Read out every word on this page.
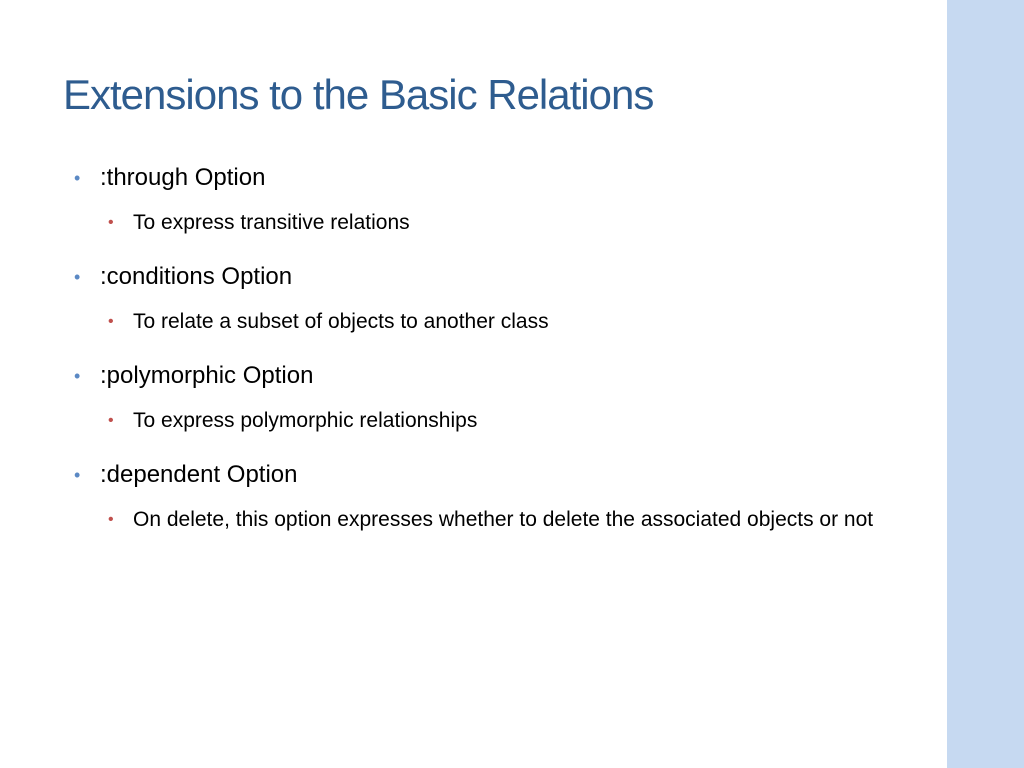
Extensions to the Basic Relations
• :through Option
• To express transitive relations
• :conditions Option
• To relate a subset of objects to another class
• :polymorphic Option
• To express polymorphic relationships
• :dependent Option
• On delete, this option expresses whether to delete the associated objects or not
